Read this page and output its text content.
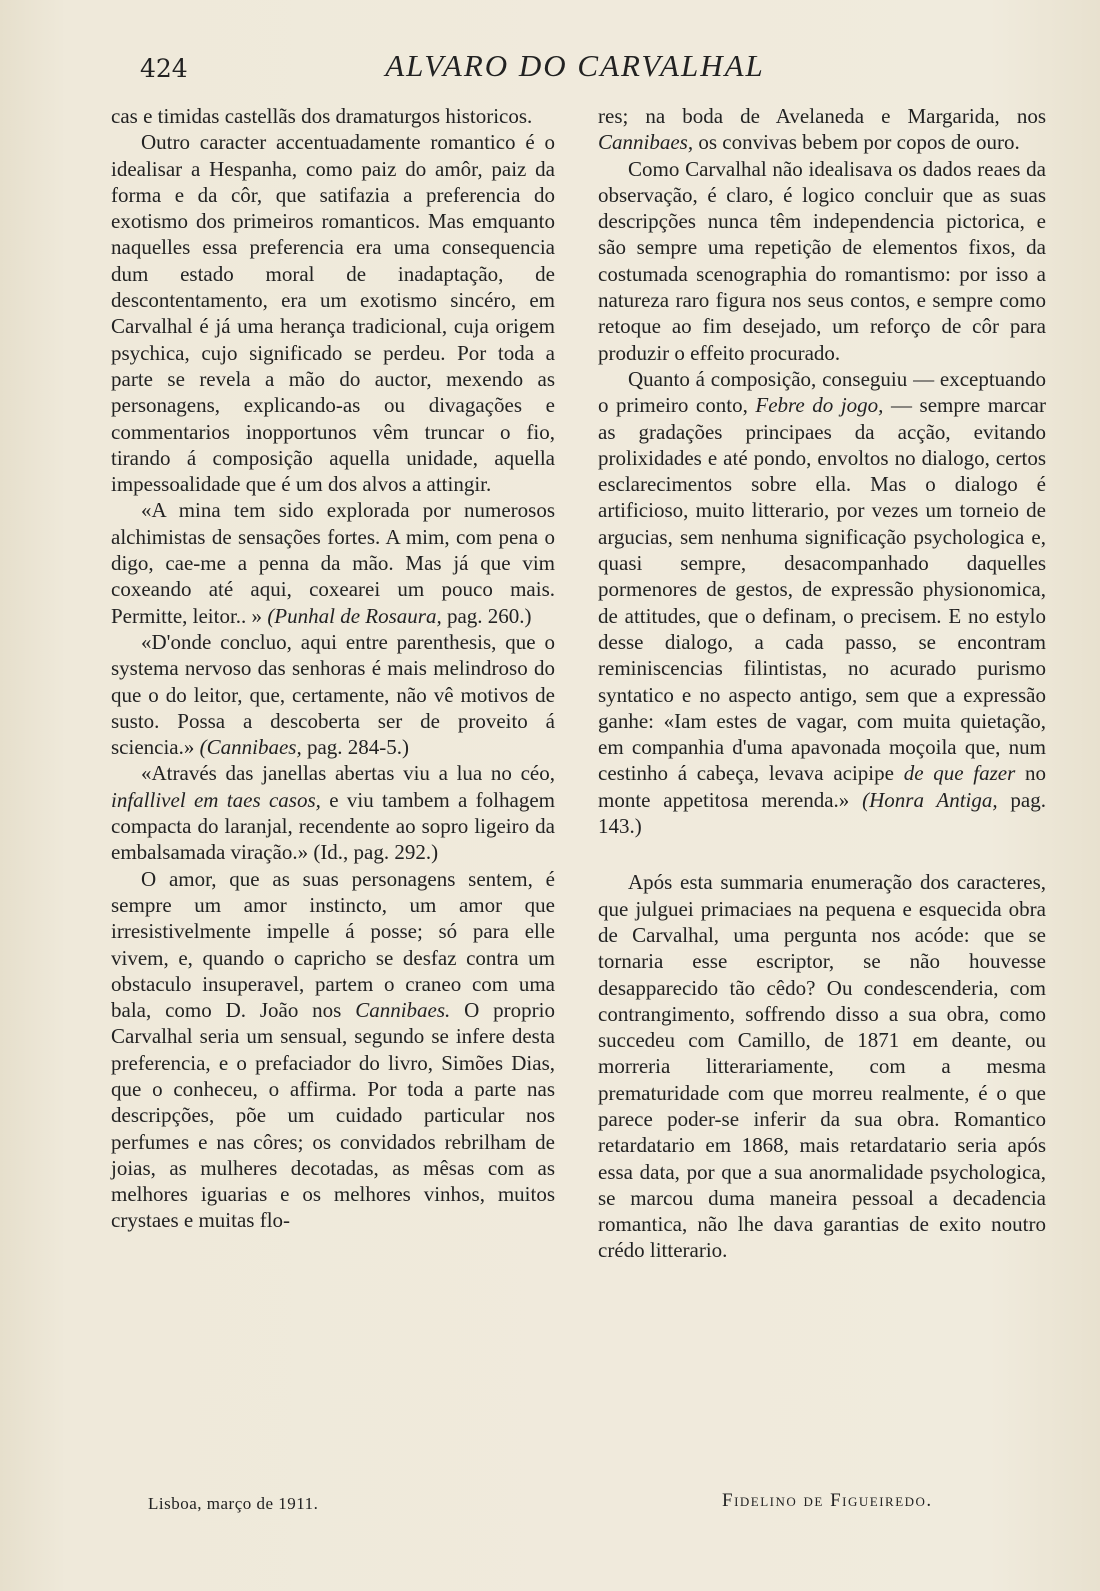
424	ALVARO DO CARVALHAL

cas e timidas castellãs dos dramaturgos historicos.

Outro caracter accentuadamente romantico é o idealisar a Hespanha, como paiz do amôr, paiz da forma e da côr, que satifazia a preferencia do exotismo dos primeiros romanticos. Mas emquanto naquelles essa preferencia era uma consequencia dum estado moral de inadaptação, de descontentamento, era um exotismo sincéro, em Carvalhal é já uma herança tradicional, cuja origem psychica, cujo significado se perdeu. Por toda a parte se revela a mão do auctor, mexendo as personagens, explicando-as ou divagações e commentarios inopportunos vêm truncar o fio, tirando á composição aquella unidade, aquella impessoalidade que é um dos alvos a attingir.

«A mina tem sido explorada por numerosos alchimistas de sensações fortes. A mim, com pena o digo, cae-me a penna da mão. Mas já que vim coxeando até aqui, coxearei um pouco mais. Permitte, leitor.. » (Punhal de Rosaura, pag. 260.)

«D'onde concluo, aqui entre parenthesis, que o systema nervoso das senhoras é mais melindroso do que o do leitor, que, certamente, não vê motivos de susto. Possa a descoberta ser de proveito á sciencia.» (Cannibaes, pag. 284-5.)

«Através das janellas abertas viu a lua no céo, infallivel em taes casos, e viu tambem a folhagem compacta do laranjal, recendente ao sopro ligeiro da embalsamada viração.» (Id., pag. 292.)

O amor, que as suas personagens sentem, é sempre um amor instincto, um amor que irresistivelmente impelle á posse; só para elle vivem, e, quando o capricho se desfaz contra um obstaculo insuperavel, partem o craneo com uma bala, como D. João nos Cannibaes. O proprio Carvalhal seria um sensual, segundo se infere desta preferencia, e o prefaciador do livro, Simões Dias, que o conheceu, o affirma. Por toda a parte nas descripções, põe um cuidado particular nos perfumes e nas côres; os convidados rebrilham de joias, as mulheres decotadas, as mêsas com as melhores iguarias e os melhores vinhos, muitos crystaes e muitas flo-

res; na boda de Avelaneda e Margarida, nos Cannibaes, os convivas bebem por copos de ouro.

Como Carvalhal não idealisava os dados reaes da observação, é claro, é logico concluir que as suas descripções nunca têm independencia pictorica, e são sempre uma repetição de elementos fixos, da costumada scenographia do romantismo: por isso a natureza raro figura nos seus contos, e sempre como retoque ao fim desejado, um reforço de côr para produzir o effeito procurado.

Quanto á composição, conseguiu — exceptuando o primeiro conto, Febre do jogo, — sempre marcar as gradações principaes da acção, evitando prolixidades e até pondo, envoltos no dialogo, certos esclarecimentos sobre ella. Mas o dialogo é artificioso, muito litterario, por vezes um torneio de argucias, sem nenhuma significação psychologica e, quasi sempre, desacompanhado daquelles pormenores de gestos, de expressão physionomica, de attitudes, que o definam, o precisem. E no estylo desse dialogo, a cada passo, se encontram reminiscencias filintistas, no acurado purismo syntatico e no aspecto antigo, sem que a expressão ganhe: «Iam estes de vagar, com muita quietação, em companhia d'uma apavonada moçoila que, num cestinho á cabeça, levava acipipe de que fazer no monte appetitosa merenda.» (Honra Antiga, pag. 143.)

Após esta summaria enumeração dos caracteres, que julguei primaciaes na pequena e esquecida obra de Carvalhal, uma pergunta nos acóde: que se tornaria esse escriptor, se não houvesse desapparecido tão cêdo? Ou condescenderia, com contrangimento, soffrendo disso a sua obra, como succedeu com Camillo, de 1871 em deante, ou morreria litterariamente, com a mesma prematuridade com que morreu realmente, é o que parece poder-se inferir da sua obra. Romantico retardatario em 1868, mais retardatario seria após essa data, por que a sua anormalidade psychologica, se marcou duma maneira pessoal a decadencia romantica, não lhe dava garantias de exito noutro crédo litterario.

Lisboa, março de 1911.	Fidelino de Figueiredo.
